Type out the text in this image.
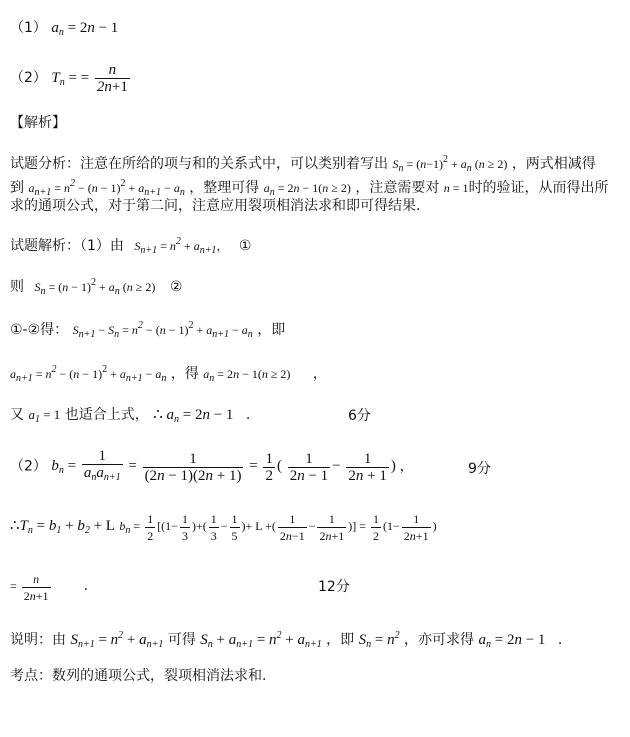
（1） $a_n = 2n - 1$
（2） $T_n$ = = $\frac{n}{2n+1}$
【解析】
试题分析：注意在所给的项与和的关系式中，可以类别着写出 $S_n = (n-1)^2 + a_n$ (n ≥ 2) ，两式相减得
到 $a_{n+1} = n^2 - (n - 1)^2 + a_{n+1} - a_n$ ，整理可得 $a_n = 2n - 1(n \ge 2)$ ，注意需要对 n = 1时的验证，从而得出所
求的通项公式，对于第二问，注意应用裂项相消法求和即可得结果.
试题解析：（1）由 $S_{n+1} = n^2 + a_{n+1}$， ①
则 $S_n = (n - 1)^2 + a_n$ (n ≥ 2) ②
①-②得： $S_{n+1} - S_n = n^2 - (n - 1)^2 + a_{n+1} - a_n$ ，即
$a_{n+1} = n^2 - (n - 1)^2 + a_{n+1} - a_n$ ，得 $a_n = 2n - 1(n \ge 2)$ ，
又 $a_1 = 1$ 也适合上式， ∴ $a_n = 2n - 1$ .	6分
（2） $b_n = \frac{1}{a_na_{n+1}} = \frac{1}{(2n - 1)(2n + 1)} = \frac{1}{2}$ ( $\frac{1}{2n - 1} - \frac{1}{2n + 1}$ ) ，	9分
$\therefore T_n = b_1 + b_2 + L$ $b_n = \frac{1}{2} [(1- \frac{1}{3}$ )+( $\frac{1}{3} - \frac{1}{5}$ )+ L +( $\frac{1}{2n-1} - \frac{1}{2n+1}$ )] = $\frac{1}{2} (1- \frac{1}{2n+1}$ )
= $\frac{n}{2n+1}$ .	12分
说明：由 $S_{n+1} = n^2 + a_{n+1}$ 可得 $S_n + a_{n+1} = n^2 + a_{n+1}$ ，即 $S_n = n^2$ ，亦可求得 $a_n = 2n - 1$ .
考点：数列的通项公式，裂项相消法求和.
